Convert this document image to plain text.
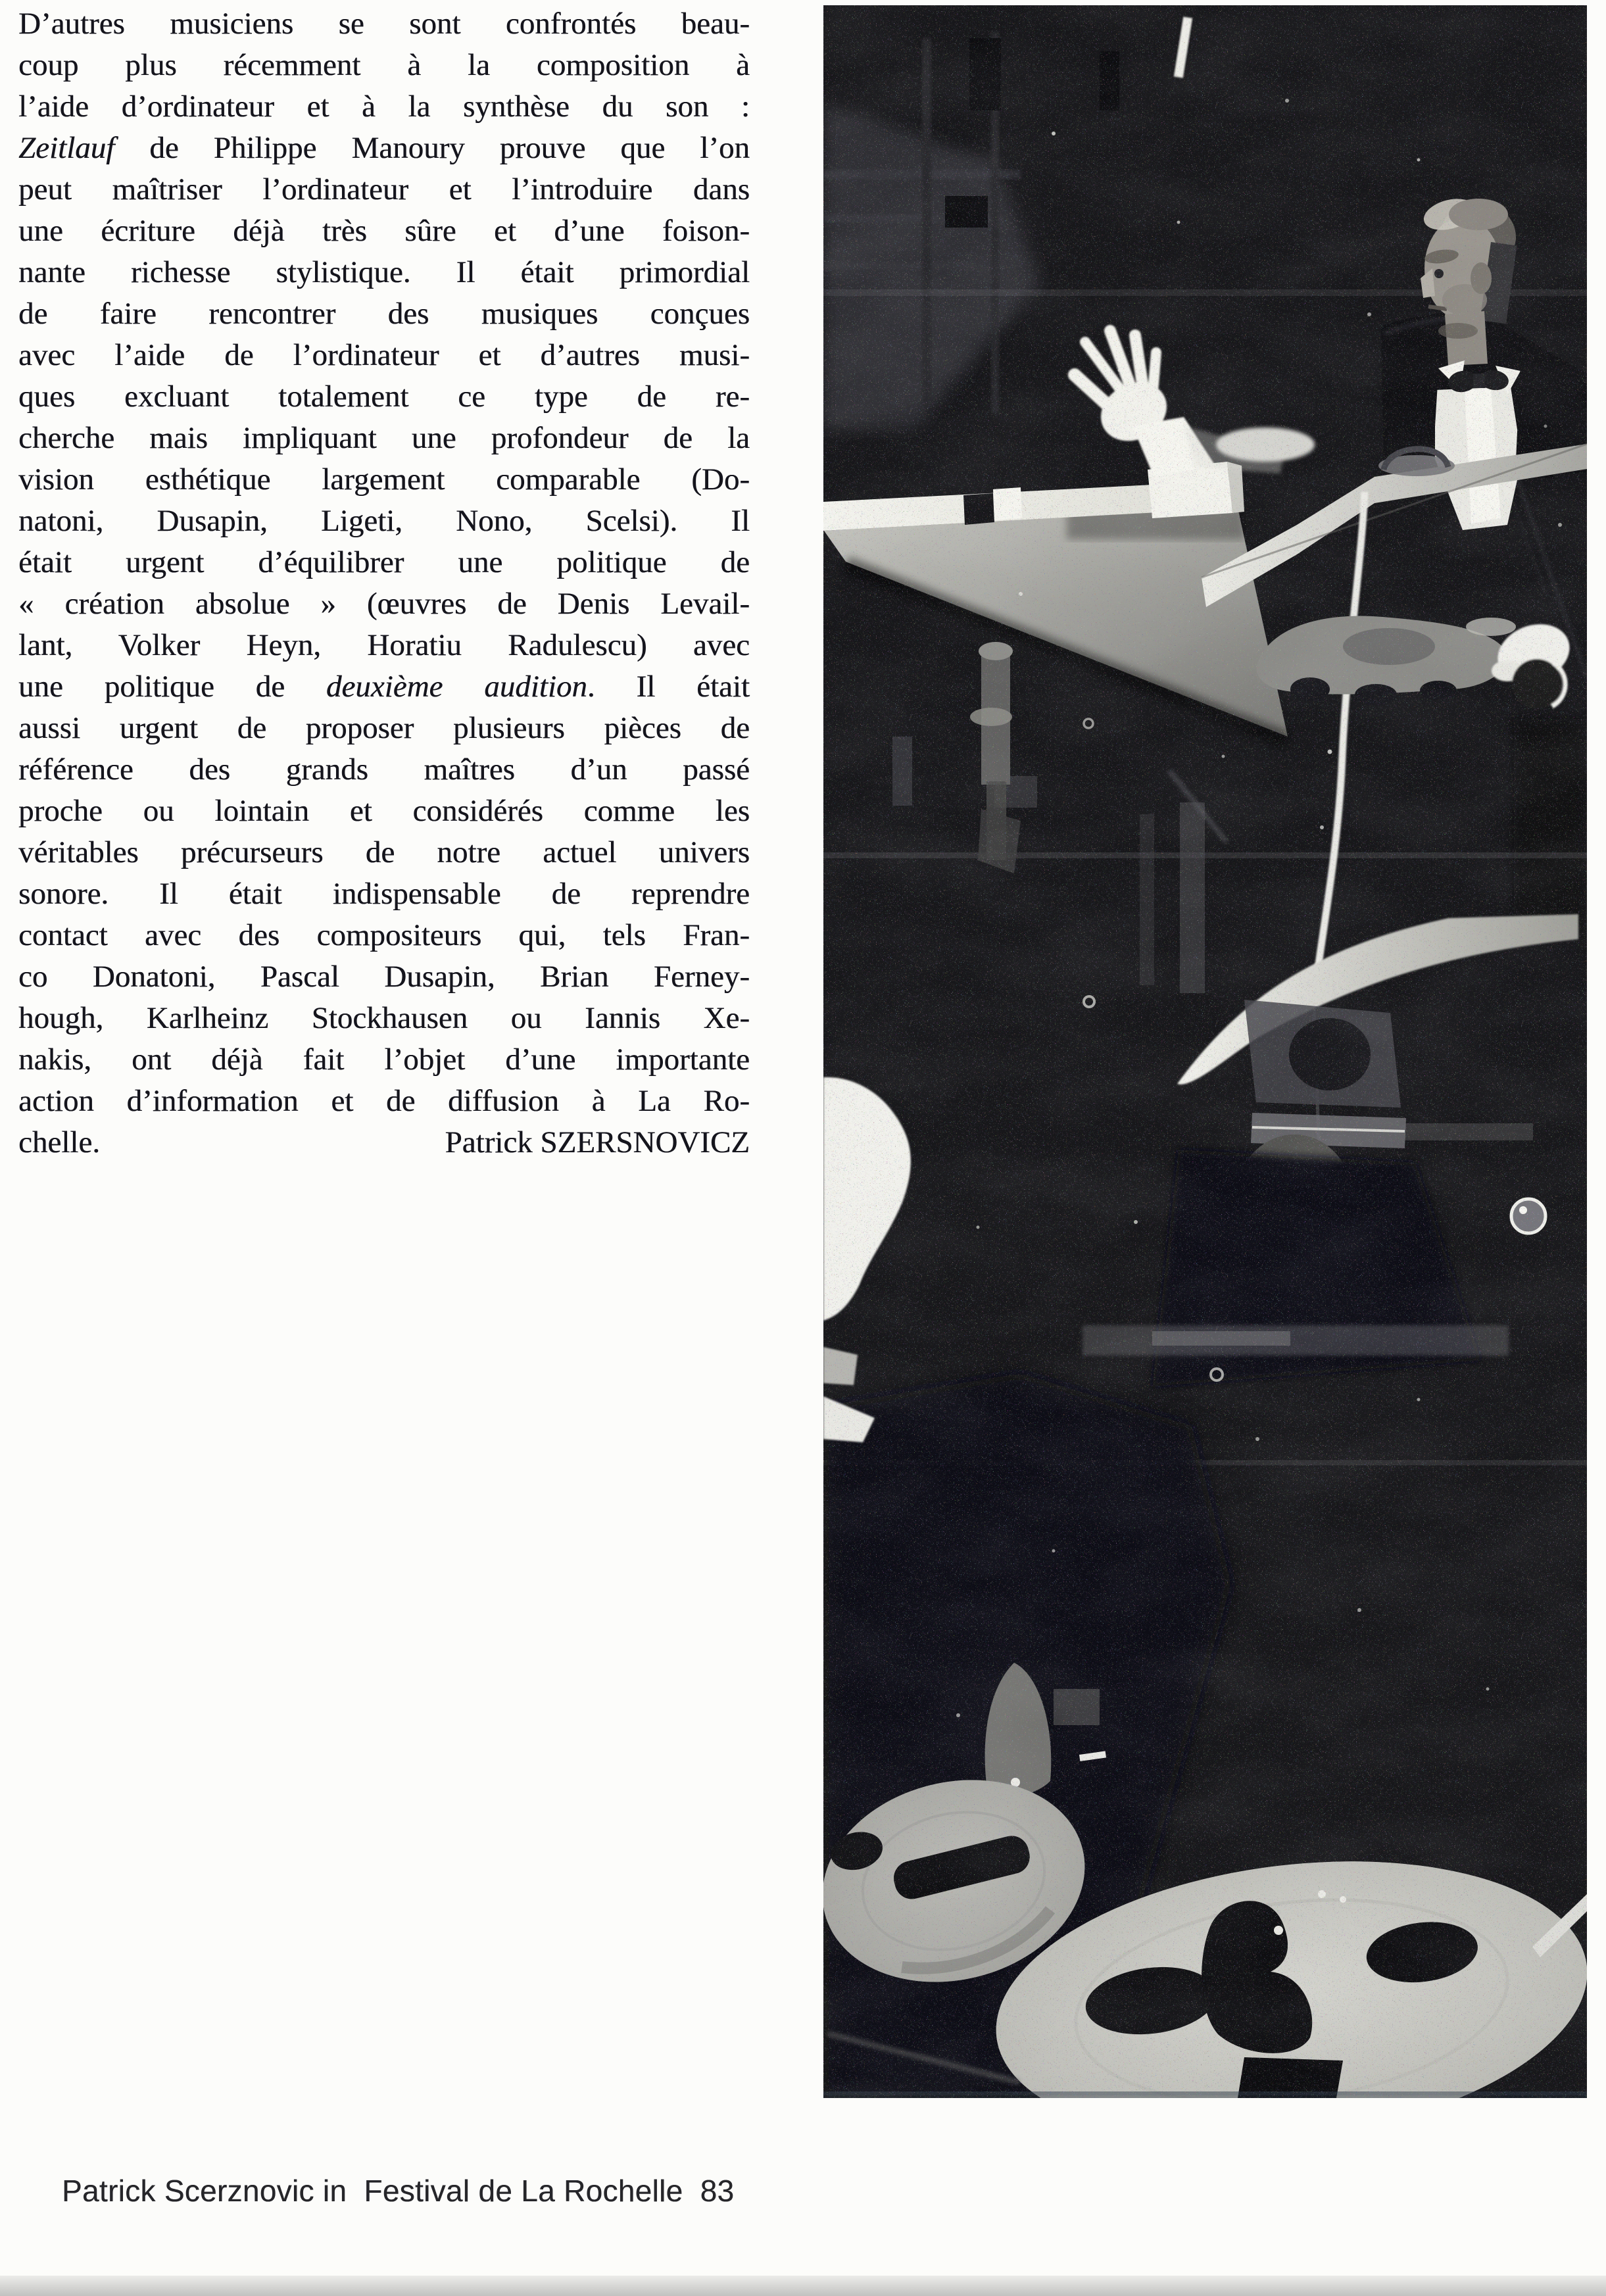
D’autres musiciens se sont confrontés beau-
coup plus récemment à la composition à
l’aide d’ordinateur et à la synthèse du son :
Zeitlauf de Philippe Manoury prouve que l’on
peut maîtriser l’ordinateur et l’introduire dans
une écriture déjà très sûre et d’une foison-
nante richesse stylistique. Il était primordial
de faire rencontrer des musiques conçues
avec l’aide de l’ordinateur et d’autres musi-
ques excluant totalement ce type de re-
cherche mais impliquant une profondeur de la
vision esthétique largement comparable (Do-
natoni, Dusapin, Ligeti, Nono, Scelsi). Il
était urgent d’équilibrer une politique de
« création absolue » (œuvres de Denis Levail-
lant, Volker Heyn, Horatiu Radulescu) avec
une politique de deuxième audition. Il était
aussi urgent de proposer plusieurs pièces de
référence des grands maîtres d’un passé
proche ou lointain et considérés comme les
véritables précurseurs de notre actuel univers
sonore. Il était indispensable de reprendre
contact avec des compositeurs qui, tels Fran-
co Donatoni, Pascal Dusapin, Brian Ferney-
hough, Karlheinz Stockhausen ou Iannis Xe-
nakis, ont déjà fait l’objet d’une importante
action d’information et de diffusion à La Ro-
chelle.	Patrick SZERSNOVICZ
Patrick Scerznovic in  Festival de La Rochelle  83
